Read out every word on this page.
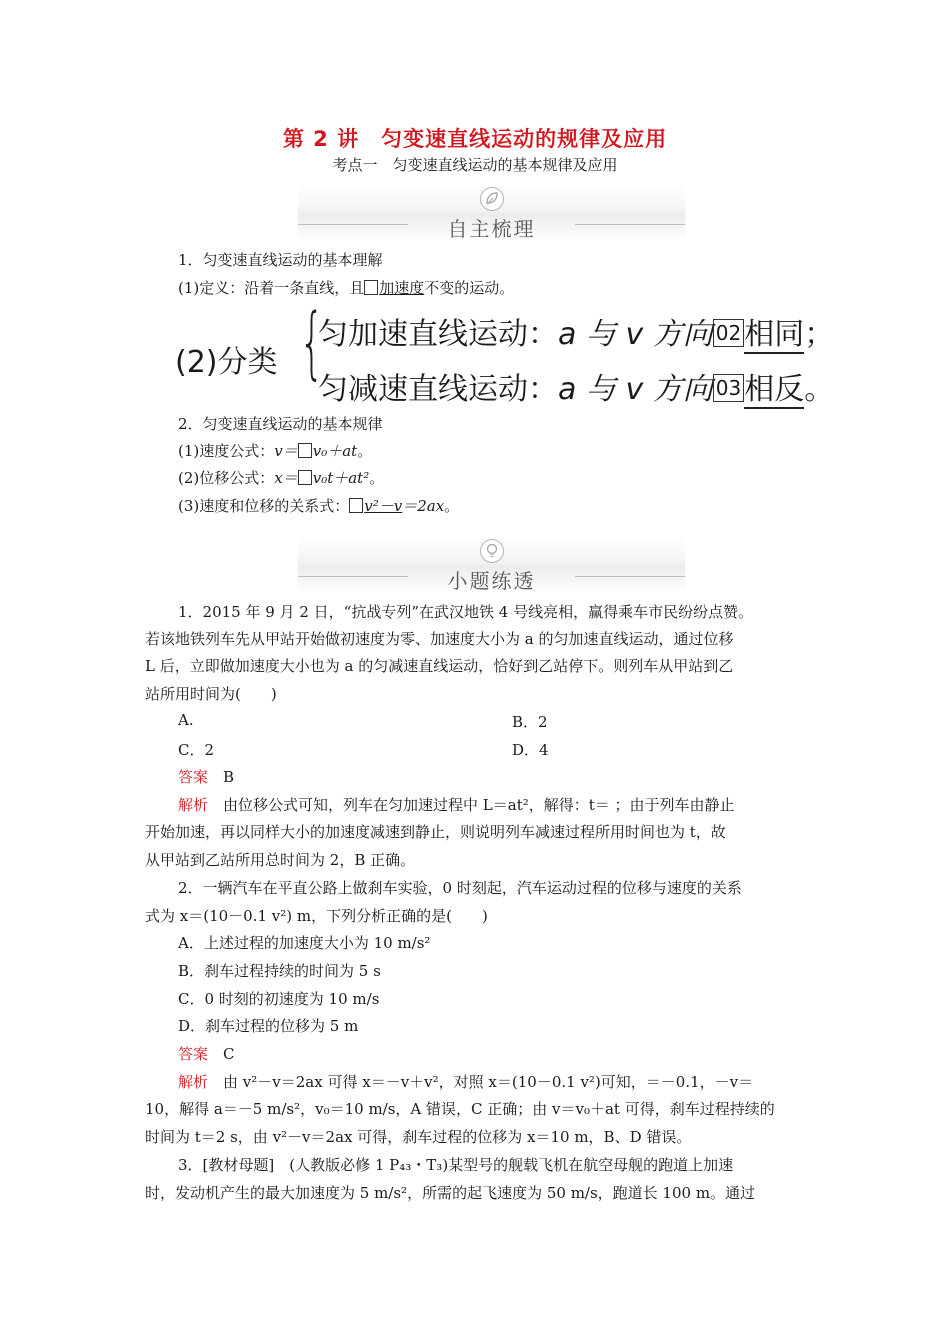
第 2 讲　匀变速直线运动的规律及应用
考点一　匀变速直线运动的基本规律及应用
自主梳理
1．匀变速直线运动的基本理解
(1)定义：沿着一条直线，且 加速度不变的运动。
(2)分类 {
匀加速直线运动：a 与 v 方向 02 相同；
匀减速直线运动：a 与 v 方向 03 相反。
2．匀变速直线运动的基本规律
(1)速度公式：v＝ v₀＋at。
(2)位移公式：x＝ v₀t＋at²。
(3)速度和位移的关系式： v²－v＝2ax。
小题练透
1．2015 年 9 月 2 日，“抗战专列”在武汉地铁 4 号线亮相，赢得乘车市民纷纷点赞。
若该地铁列车先从甲站开始做初速度为零、加速度大小为 a 的匀加速直线运动，通过位移
L 后，立即做加速度大小也为 a 的匀减速直线运动，恰好到乙站停下。则列车从甲站到乙
站所用时间为(　　)
A.	B．2
C．2	D．4
答案　 B
解析　 由位移公式可知，列车在匀加速过程中 L＝at²，解得：t＝ ；由于列车由静止
开始加速，再以同样大小的加速度减速到静止，则说明列车减速过程所用时间也为 t，故
从甲站到乙站所用总时间为 2，B 正确。
2．一辆汽车在平直公路上做刹车实验，0 时刻起，汽车运动过程的位移与速度的关系
式为 x＝(10－0.1 v²) m，下列分析正确的是(　　)
A．上述过程的加速度大小为 10 m/s²
B．刹车过程持续的时间为 5 s
C．0 时刻的初速度为 10 m/s
D．刹车过程的位移为 5 m
答案　 C
解析　 由 v²－v＝2ax 可得 x＝－v＋v²，对照 x＝(10－0.1 v²)可知，＝－0.1，－v＝
10，解得 a＝－5 m/s²，v₀＝10 m/s，A 错误，C 正确；由 v＝v₀＋at 可得，刹车过程持续的
时间为 t＝2 s，由 v²－v＝2ax 可得，刹车过程的位移为 x＝10 m，B、D 错误。
3．[教材母题]　(人教版必修 1 P₄₃・T₃)某型号的舰载飞机在航空母舰的跑道上加速
时，发动机产生的最大加速度为 5 m/s²，所需的起飞速度为 50 m/s，跑道长 100 m。通过
